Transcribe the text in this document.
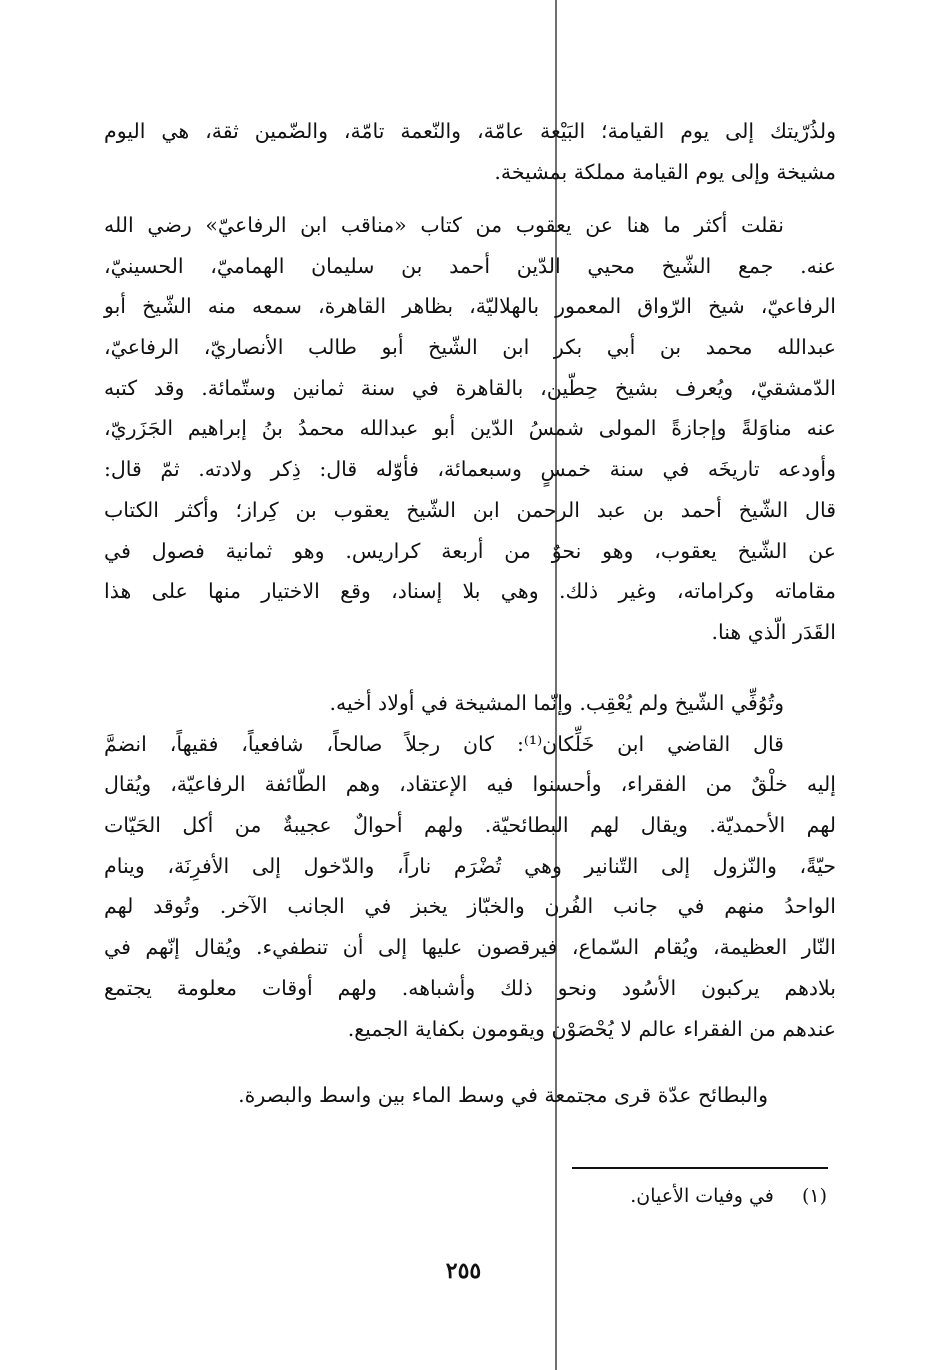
ولذُرّيتك إلى يوم القيامة؛ البَيْعة عامّة، والنّعمة تامّة، والضّمين ثقة، هي اليوم
مشيخة وإلى يوم القيامة مملكة بمشيخة.
نقلت أكثر ما هنا عن يعقوب من كتاب «مناقب ابن الرفاعيّ» رضي الله
عنه. جمع الشّيخ محيي الدّين أحمد بن سليمان الهماميّ، الحسينيّ،
الرفاعيّ، شيخ الرّواق المعمور بالهلاليّة، بظاهر القاهرة، سمعه منه الشّيخ أبو
عبدالله محمد بن أبي بكر ابن الشّيخ أبو طالب الأنصاريّ، الرفاعيّ،
الدّمشقيّ، ويُعرف بشيخ حِطّين، بالقاهرة في سنة ثمانين وستّمائة. وقد كتبه
عنه مناوَلةً وإجازةً المولى شمسُ الدّين أبو عبدالله محمدُ بنُ إبراهيم الجَزَريّ،
وأودعه تاريخَه في سنة خمسٍ وسبعمائة، فأوّله قال: ذِكر ولادته. ثمّ قال:
قال الشّيخ أحمد بن عبد الرحمن ابن الشّيخ يعقوب بن كِراز؛ وأكثر الكتاب
عن الشّيخ يعقوب، وهو نحوٌ من أربعة كراريس. وهو ثمانية فصول في
مقاماته وكراماته، وغير ذلك. وهي بلا إسناد، وقع الاختيار منها على هذا
القَدَر الّذي هنا.
وتُوُفِّي الشّيخ ولم يُعْقِب. وإنّما المشيخة في أولاد أخيه.
قال القاضي ابن خَلِّكان⁽¹⁾: كان رجلاً صالحاً، شافعياً، فقيهاً، انضمَّ
إليه خلْقٌ من الفقراء، وأحسنوا فيه الإعتقاد، وهم الطّائفة الرفاعيّة، ويُقال
لهم الأحمديّة. ويقال لهم البطائحيّة. ولهم أحوالٌ عجيبةٌ من أكل الحَيّات
حيّةً، والنّزول إلى التّنانير وهي تُضْرَم ناراً، والدّخول إلى الأفرِنَة، وينام
الواحدُ منهم في جانب الفُرن والخبّاز يخبز في الجانب الآخر. وتُوقد لهم
النّار العظيمة، ويُقام السّماع، فيرقصون عليها إلى أن تنطفيء. ويُقال إنّهم في
بلادهم يركبون الأسُود ونحو ذلك وأشباهه. ولهم أوقات معلومة يجتمع
عندهم من الفقراء عالم لا يُحْصَوْن ويقومون بكفاية الجميع.
والبطائح عدّة قرى مجتمعة في وسط الماء بين واسط والبصرة.
(١) في وفيات الأعيان.
٢٥٥
